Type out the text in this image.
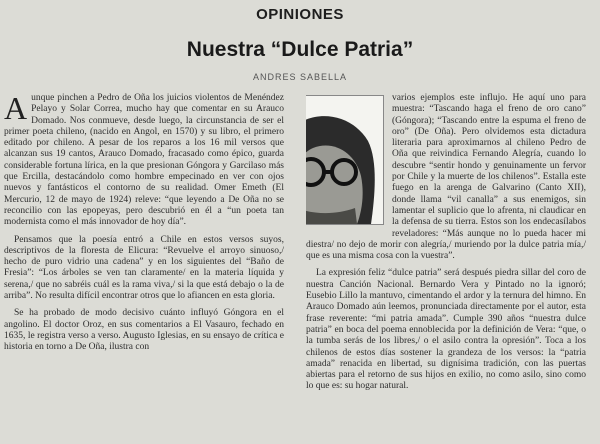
OPINIONES
Nuestra “Dulce Patria”
ANDRES SABELLA

Aunque pinchen a Pedro de Oña los juicios violentos de Menéndez Pelayo y Solar Correa, mucho hay que comentar en su Arauco Domado. Nos conmueve, desde luego, la circunstancia de ser el primer poeta chileno, (nacido en Angol, en 1570) y su libro, el primero editado por chileno. A pesar de los reparos a los 16 mil versos que alcanzan sus 19 cantos, Arauco Domado, fracasado como épico, guarda considerable fortuna lírica, en la que presionan Góngora y Garcilaso más que Ercilla, destacándolo como hombre empecinado en ver con ojos nuevos y fantásticos el contorno de su realidad. Omer Emeth (El Mercurio, 12 de mayo de 1924) releve: “que leyendo a De Oña no se reconcilio con las epopeyas, pero descubrió en él a “un poeta tan modernista como el más innovador de hoy día”.

Pensamos que la poesía entró a Chile en estos versos suyos, descriptivos de la floresta de Elicura: “Revuelve el arroyo sinuoso,/ hecho de puro vidrio una cadena” y en los siguientes del “Baño de Fresia”: “Los árboles se ven tan claramente/ en la materia líquida y serena,/ que no sabréis cuál es la rama viva,/ si la que está debajo o la de arriba”. No resulta difícil encontrar otros que lo afiancen en esta gloria.

Se ha probado de modo decisivo cuánto influyó Góngora en el angolino. El doctor Oroz, en sus comentarios a El Vasauro, fechado en 1635, le registra verso a verso. Augusto Iglesias, en su ensayo de crítica e historia en torno a De Oña, ilustra con

varios ejemplos este influjo. He aquí uno para muestra: “Tascando haga el freno de oro cano” (Góngora); “Tascando entre la espuma el freno de oro” (De Oña). Pero olvidemos esta dictadura literaria para aproximarnos al chileno Pedro de Oña que reivindica Fernando Alegría, cuando lo descubre “sentir hondo y genuinamente un fervor por Chile y la muerte de los chilenos”. Estalla este fuego en la arenga de Galvarino (Canto XII), donde llama “vil canalla” a sus enemigos, sin lamentar el suplicio que lo afrenta, ni claudicar en la defensa de su tierra. Estos son los endecasílabos reveladores: “Más aunque no lo pueda hacer mi diestra/ no dejo de morir con alegría,/ muriendo por la dulce patria mía,/ que es una misma cosa con la vuestra”.

La expresión feliz “dulce patria” será después piedra sillar del coro de nuestra Canción Nacional. Bernardo Vera y Pintado no la ignoró; Eusebio Lillo la mantuvo, cimentando el ardor y la ternura del himno. En Arauco Domado aún leemos, pronunciada directamente por el autor, esta frase reverente: “mi patria amada”. Cumple 390 años “nuestra dulce patria” en boca del poema ennoblecida por la definición de Vera: “que, o la tumba serás de los libres,/ o el asilo contra la opresión”. Toca a los chilenos de estos días sostener la grandeza de los versos: la “patria amada” renacida en libertad, su dignísima tradición, con las puertas abiertas para el retorno de sus hijos en exilio, no como asilo, sino como lo que es: su hogar natural.
